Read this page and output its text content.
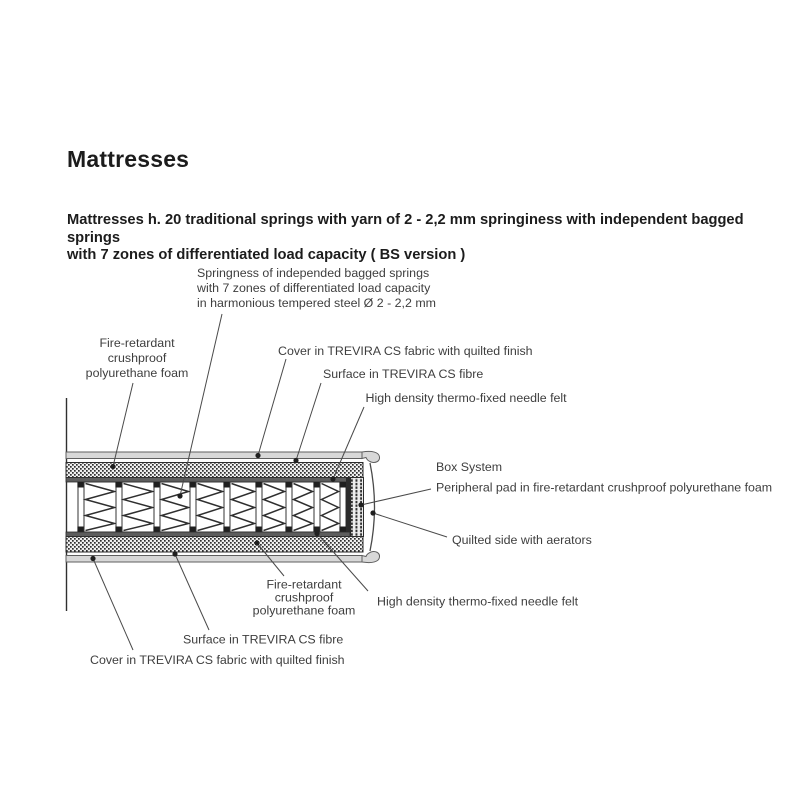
Mattresses

Mattresses h. 20 traditional springs with yarn of 2 - 2,2 mm springiness with independent bagged springs
with 7 zones of differentiated load capacity ( BS version )

Springness of independed bagged springs
with 7 zones of differentiated load capacity
in harmonious tempered steel Ø 2 - 2,2 mm
Fire-retardant
crushproof
polyurethane foam
Cover in TREVIRA CS fabric with quilted finish
Surface in TREVIRA CS fibre
High density thermo-fixed needle felt
Box System
Peripheral pad in fire-retardant crushproof polyurethane foam
Quilted side with aerators
Fire-retardant
crushproof
polyurethane foam
High density thermo-fixed needle felt
Surface in TREVIRA CS fibre
Cover in TREVIRA CS fabric with quilted finish
